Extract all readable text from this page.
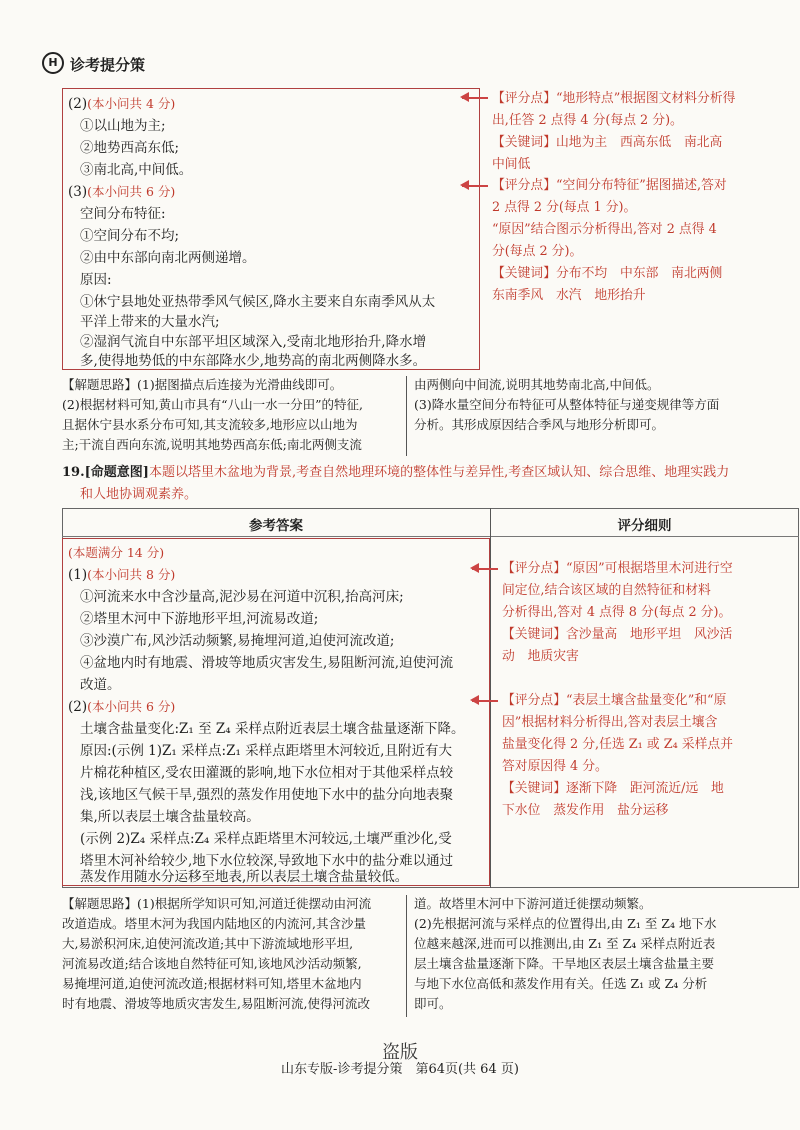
H 诊考提分策
(2)(本小问共 4 分)
①以山地为主;
②地势西高东低;
③南北高,中间低。
(3)(本小问共 6 分)
空间分布特征:
①空间分布不均;
②由中东部向南北两侧递增。
原因:
①休宁县地处亚热带季风气候区,降水主要来自东南季风从太
平洋上带来的大量水汽;
②湿润气流自中东部平坦区域深入,受南北地形抬升,降水增
多,使得地势低的中东部降水少,地势高的南北两侧降水多。
【评分点】“地形特点”根据图文材料分析得
出,任答 2 点得 4 分(每点 2 分)。
【关键词】山地为主　西高东低　南北高
中间低
【评分点】“空间分布特征”据图描述,答对
2 点得 2 分(每点 1 分)。
“原因”结合图示分析得出,答对 2 点得 4
分(每点 2 分)。
【关键词】分布不均　中东部　南北两侧
东南季风　水汽　地形抬升
【解题思路】(1)据图描点后连接为光滑曲线即可。
(2)根据材料可知,黄山市具有“八山一水一分田”的特征,
且据休宁县水系分布可知,其支流较多,地形应以山地为
主;干流自西向东流,说明其地势西高东低;南北两侧支流
由两侧向中间流,说明其地势南北高,中间低。
(3)降水量空间分布特征可从整体特征与递变规律等方面
分析。其形成原因结合季风与地形分析即可。
19.[命题意图]本题以塔里木盆地为背景,考查自然地理环境的整体性与差异性,考查区域认知、综合思维、地理实践力
和人地协调观素养。
参考答案	评分细则
(本题满分 14 分)
(1)(本小问共 8 分)
①河流来水中含沙量高,泥沙易在河道中沉积,抬高河床;
②塔里木河中下游地形平坦,河流易改道;
③沙漠广布,风沙活动频繁,易掩埋河道,迫使河流改道;
④盆地内时有地震、滑坡等地质灾害发生,易阻断河流,迫使河流
改道。
(2)(本小问共 6 分)
土壤含盐量变化:Z₁ 至 Z₄ 采样点附近表层土壤含盐量逐渐下降。
原因:(示例 1)Z₁ 采样点:Z₁ 采样点距塔里木河较近,且附近有大
片棉花种植区,受农田灌溉的影响,地下水位相对于其他采样点较
浅,该地区气候干旱,强烈的蒸发作用使地下水中的盐分向地表聚
集,所以表层土壤含盐量较高。
(示例 2)Z₄ 采样点:Z₄ 采样点距塔里木河较远,土壤严重沙化,受
塔里木河补给较少,地下水位较深,导致地下水中的盐分难以通过
蒸发作用随水分运移至地表,所以表层土壤含盐量较低。
【评分点】“原因”可根据塔里木河进行空
间定位,结合该区域的自然特征和材料
分析得出,答对 4 点得 8 分(每点 2 分)。
【关键词】含沙量高　地形平坦　风沙活
动　地质灾害
【评分点】“表层土壤含盐量变化”和“原
因”根据材料分析得出,答对表层土壤含
盐量变化得 2 分,任选 Z₁ 或 Z₄ 采样点并
答对原因得 4 分。
【关键词】逐渐下降　距河流近/远　地
下水位　蒸发作用　盐分运移
【解题思路】(1)根据所学知识可知,河道迁徙摆动由河流
改道造成。塔里木河为我国内陆地区的内流河,其含沙量
大,易淤积河床,迫使河流改道;其中下游流域地形平坦,
河流易改道;结合该地自然特征可知,该地风沙活动频繁,
易掩埋河道,迫使河流改道;根据材料可知,塔里木盆地内
时有地震、滑坡等地质灾害发生,易阻断河流,使得河流改
道。故塔里木河中下游河道迁徙摆动频繁。
(2)先根据河流与采样点的位置得出,由 Z₁ 至 Z₄ 地下水
位越来越深,进而可以推测出,由 Z₁ 至 Z₄ 采样点附近表
层土壤含盐量逐渐下降。干旱地区表层土壤含盐量主要
与地下水位高低和蒸发作用有关。任选 Z₁ 或 Z₄ 分析
即可。
盗版
山东专版-诊考提分策　第64页(共 64 页)
